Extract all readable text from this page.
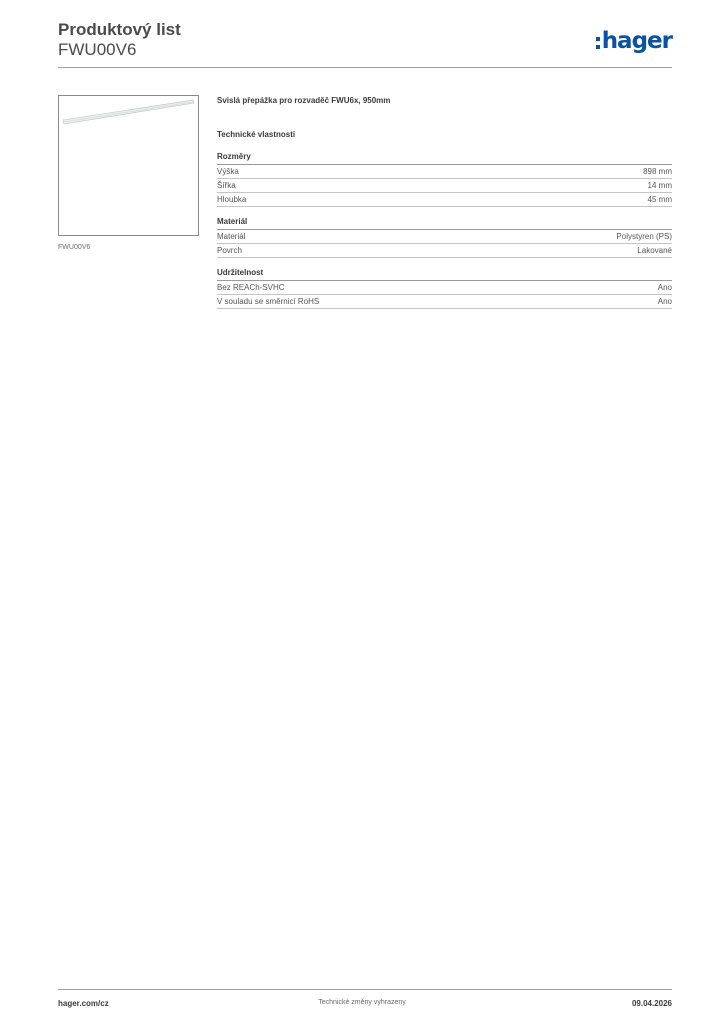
Produktový list
FWU00V6	hager
FWU00V6
Svislá přepážka pro rozvaděč FWU6x, 950mm
Technické vlastnosti
Rozměry
Výška	898 mm
Šířka	14 mm
Hloubka	45 mm
Materiál
Materiál	Polystyren (PS)
Povrch	Lakované
Udržitelnost
Bez REACh-SVHC	Ano
V souladu se směrnicí RoHS	Ano
hager.com/cz	Technické změny vyhrazeny	09.04.2026
